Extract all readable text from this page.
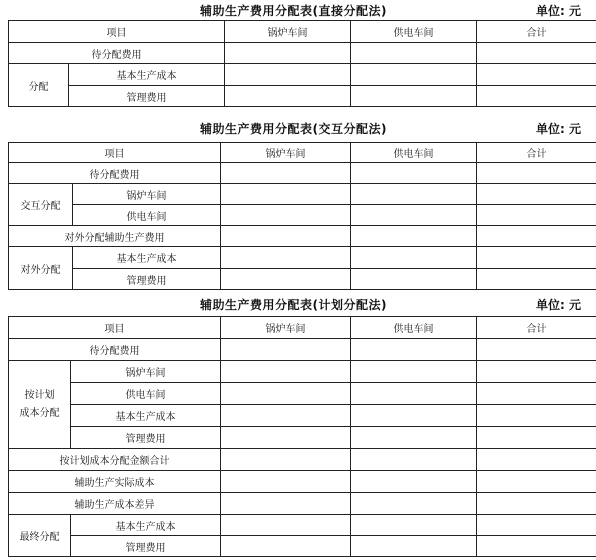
辅助生产费用分配表(直接分配法)	单位: 元
项目		锅炉车间	供电车间	合计
待分配费用				
分配	基本生产成本			
	管理费用			
辅助生产费用分配表(交互分配法)	单位: 元
项目		锅炉车间	供电车间	合计
待分配费用				
交互分配	锅炉车间			
	供电车间			
对外分配辅助生产费用				
对外分配	基本生产成本			
	管理费用			
辅助生产费用分配表(计划分配法)	单位: 元
项目		锅炉车间	供电车间	合计
待分配费用				

按计划
成本分配	锅炉车间			
	供电车间			
	基本生产成本			
	管理费用			
按计划成本分配金额合计				
辅助生产实际成本				
辅助生产成本差异				
最终分配	基本生产成本			
	管理费用			
